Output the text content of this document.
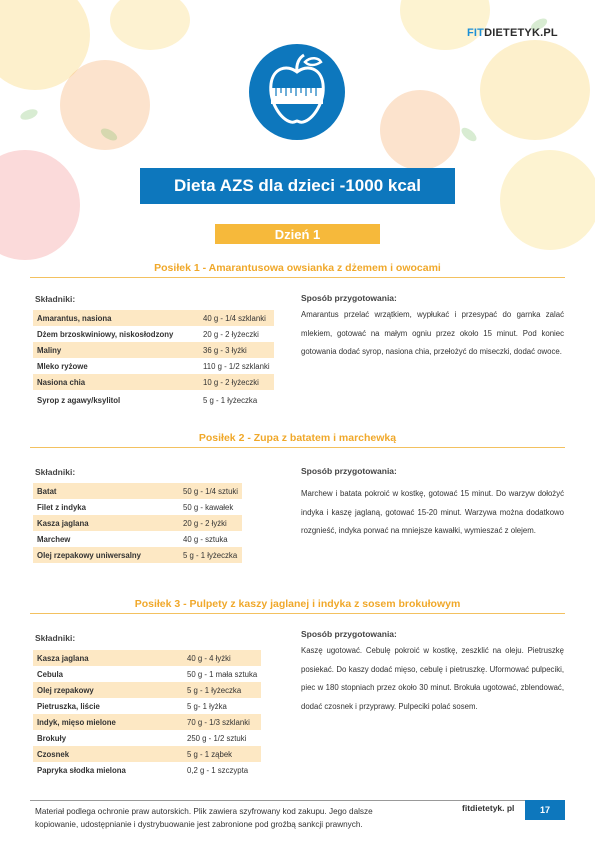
FITDIETETYK.PL
Dieta AZS dla dzieci -1000 kcal
Dzień 1
Posiłek 1 - Amarantusowa owsianka z dżemem i owocami
Składniki:	Sposób przygotowania:
Amarantus, nasiona	40 g - 1/4 szklanki
Dżem brzoskwiniowy, niskosłodzony	20 g - 2 łyżeczki
Maliny	36 g - 3 łyżki
Mleko ryżowe	110 g - 1/2 szklanki
Nasiona chia	10 g - 2 łyżeczki
Syrop z agawy/ksylitol	5 g - 1 łyżeczka
Amarantus przelać wrzątkiem, wypłukać i przesypać do garnka zalać mlekiem, gotować na małym ogniu przez około 15 minut. Pod koniec gotowania dodać syrop, nasiona chia, przełożyć do miseczki, dodać owoce.
Posiłek 2 - Zupa z batatem i marchewką
Składniki:	Sposób przygotowania:
Batat	50 g - 1/4 sztuki
Filet z indyka	50 g - kawałek
Kasza jaglana	20 g - 2 łyżki
Marchew	40 g - sztuka
Olej rzepakowy uniwersalny	5 g - 1 łyżeczka
Marchew i batata pokroić w kostkę, gotować 15 minut. Do warzyw dołożyć indyka i kaszę jaglaną, gotować 15-20 minut. Warzywa można dodatkowo rozgnieść, indyka porwać na mniejsze kawałki, wymieszać z olejem.
Posiłek 3 - Pulpety z kaszy jaglanej i indyka z sosem brokułowym
Składniki:	Sposób przygotowania:
Kasza jaglana	40 g - 4 łyżki
Cebula	50 g - 1 mała sztuka
Olej rzepakowy	5 g - 1 łyżeczka
Pietruszka, liście	5 g- 1 łyżka
Indyk, mięso mielone	70 g - 1/3 szklanki
Brokuły	250 g - 1/2 sztuki
Czosnek	5 g - 1 ząbek
Papryka słodka mielona	0,2 g - 1 szczypta
Kaszę ugotować. Cebulę pokroić w kostkę, zeszklić na oleju. Pietruszkę posiekać. Do kaszy dodać mięso, cebulę i pietruszkę. Uformować pulpeciki, piec w 180 stopniach przez około 30 minut. Brokuła ugotować, zblendować, dodać czosnek i przyprawy. Pulpeciki polać sosem.
Materiał podlega ochronie praw autorskich. Plik zawiera szyfrowany kod zakupu. Jego dalsze kopiowanie, udostępnianie i dystrybuowanie jest zabronione pod groźbą sankcji prawnych.
fitdietetyk. pl	17
